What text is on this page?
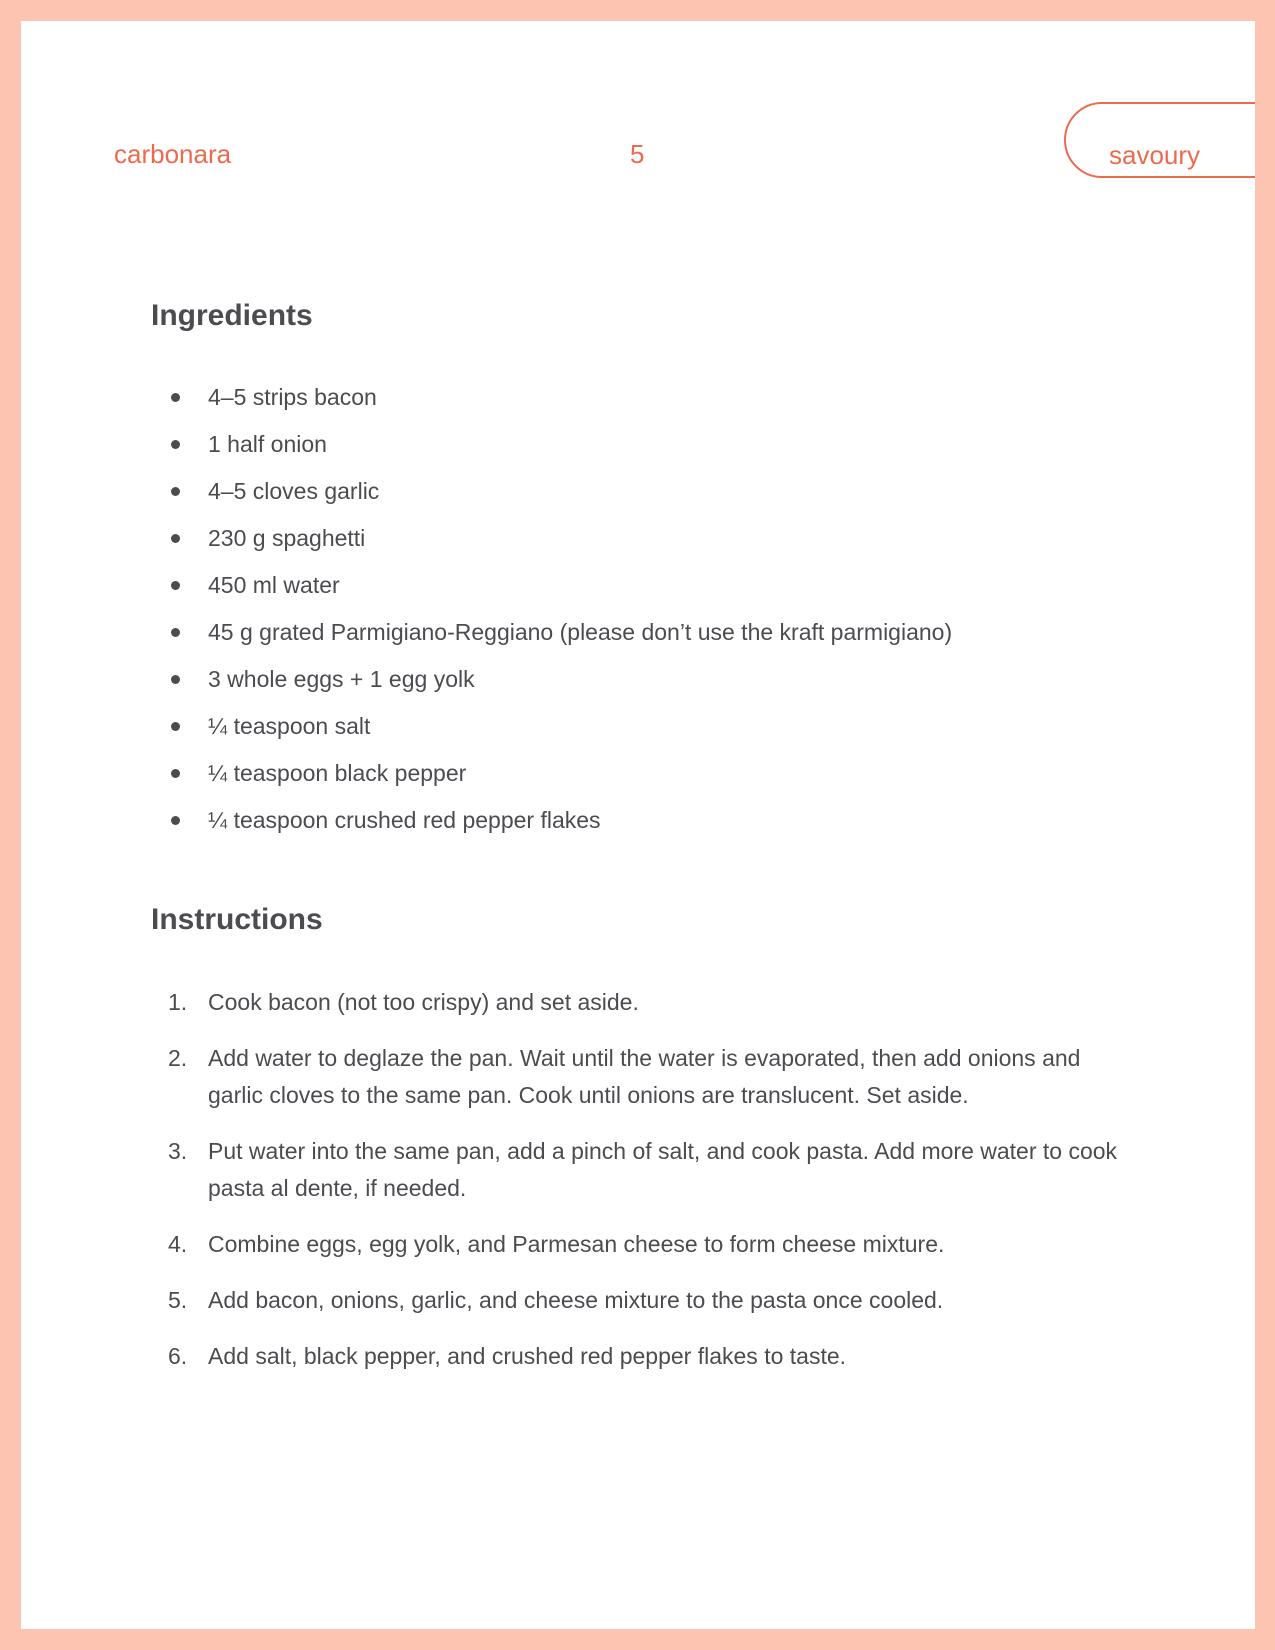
carbonara	5	savoury
Ingredients
4–5 strips bacon
1 half onion
4–5 cloves garlic
230 g spaghetti
450 ml water
45 g grated Parmigiano-Reggiano (please don’t use the kraft parmigiano)
3 whole eggs + 1 egg yolk
¼ teaspoon salt
¼ teaspoon black pepper
¼ teaspoon crushed red pepper flakes
Instructions
1. Cook bacon (not too crispy) and set aside.
2. Add water to deglaze the pan. Wait until the water is evaporated, then add onions and garlic cloves to the same pan. Cook until onions are translucent. Set aside.
3. Put water into the same pan, add a pinch of salt, and cook pasta. Add more water to cook pasta al dente, if needed.
4. Combine eggs, egg yolk, and Parmesan cheese to form cheese mixture.
5. Add bacon, onions, garlic, and cheese mixture to the pasta once cooled.
6. Add salt, black pepper, and crushed red pepper flakes to taste.
